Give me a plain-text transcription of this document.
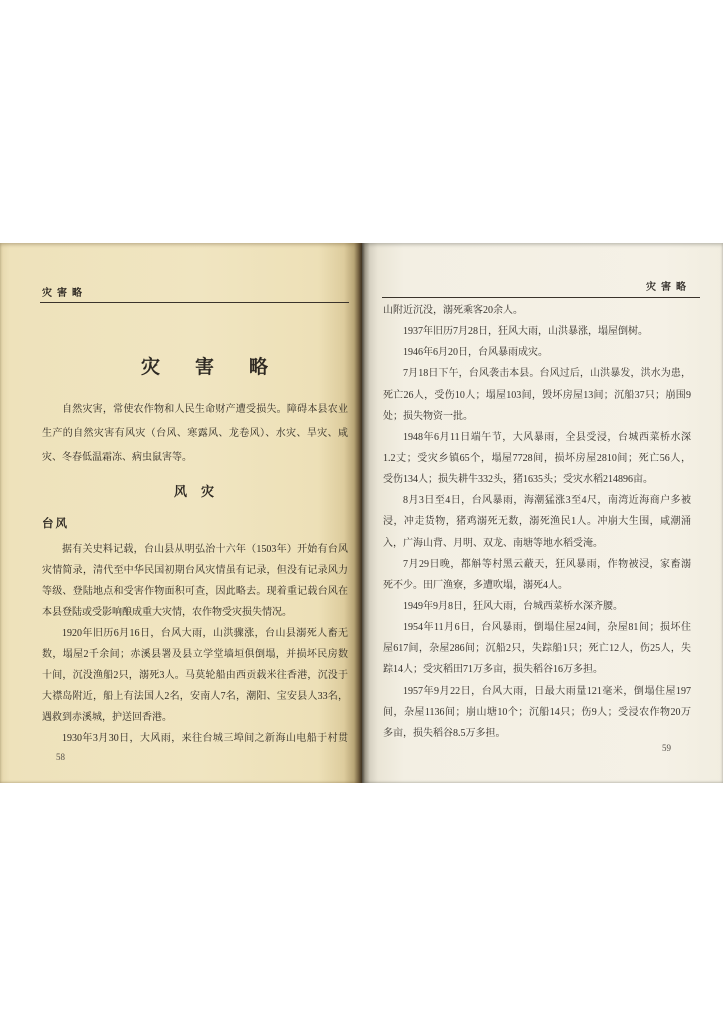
灾害略
灾害略
自然灾害，常使农作物和人民生命财产遭受损失。障碍本县农业
生产的自然灾害有风灾（台风、寒露风、龙卷风）、水灾、旱灾、咸
灾、冬春低温霜冻、病虫鼠害等。
风灾
台风
据有关史料记载，台山县从明弘治十六年（1503年）开始有台风
灾情简录，清代至中华民国初期台风灾情虽有记录，但没有记录风力
等级、登陆地点和受害作物面积可查，因此略去。现着重记载台风在
本县登陆或受影响酿成重大灾情，农作物受灾损失情况。
1920年旧历6月16日，台风大雨，山洪骤涨，台山县溺死人畜无
数，塌屋2千余间；赤溪县署及县立学堂墙垣俱倒塌，并损坏民房数
十间，沉没渔船2只，溺死3人。马莫轮船由西贡载米往香港，沉没于
大襟岛附近，船上有法国人2名，安南人7名，潮阳、宝安县人33名，
遇救到赤溪城，护送回香港。
1930年3月30日，大风雨，来往台城三埠间之新海山电船于村贯
58
灾害略
山附近沉没，溺死乘客20余人。
1937年旧历7月28日，狂风大雨，山洪暴涨，塌屋倒树。
1946年6月20日，台风暴雨成灾。
7月18日下午，台风袭击本县。台风过后，山洪暴发，洪水为患，
死亡26人，受伤10人；塌屋103间，毁坏房屋13间；沉船37只；崩围9
处；损失物资一批。
1948年6月11日端午节，大风暴雨，全县受浸，台城西菜桥水深
1.2丈；受灾乡镇65个，塌屋7728间，损坏房屋2810间；死亡56人，
受伤134人；损失耕牛332头，猪1635头；受灾水稻214896亩。
8月3日至4日，台风暴雨，海潮猛涨3至4尺，南湾近海商户多被
浸，冲走货物，猪鸡溺死无数，溺死渔民1人。冲崩大生围，咸潮涌
入，广海山背、月明、双龙、南塘等地水稻受淹。
7月29日晚，都斛等村黑云蔽天，狂风暴雨，作物被浸，家畜溺
死不少。田厂渔寮，多遭吹塌，溺死4人。
1949年9月8日，狂风大雨，台城西菜桥水深齐腰。
1954年11月6日，台风暴雨，倒塌住屋24间，杂屋81间；损坏住
屋617间，杂屋286间；沉船2只，失踪船1只；死亡12人，伤25人，失
踪14人；受灾稻田71万多亩，损失稻谷16万多担。
1957年9月22日，台风大雨，日最大雨量121毫米，倒塌住屋197
间，杂屋1136间；崩山塘10个；沉船14只；伤9人；受浸农作物20万
多亩，损失稻谷8.5万多担。
59
